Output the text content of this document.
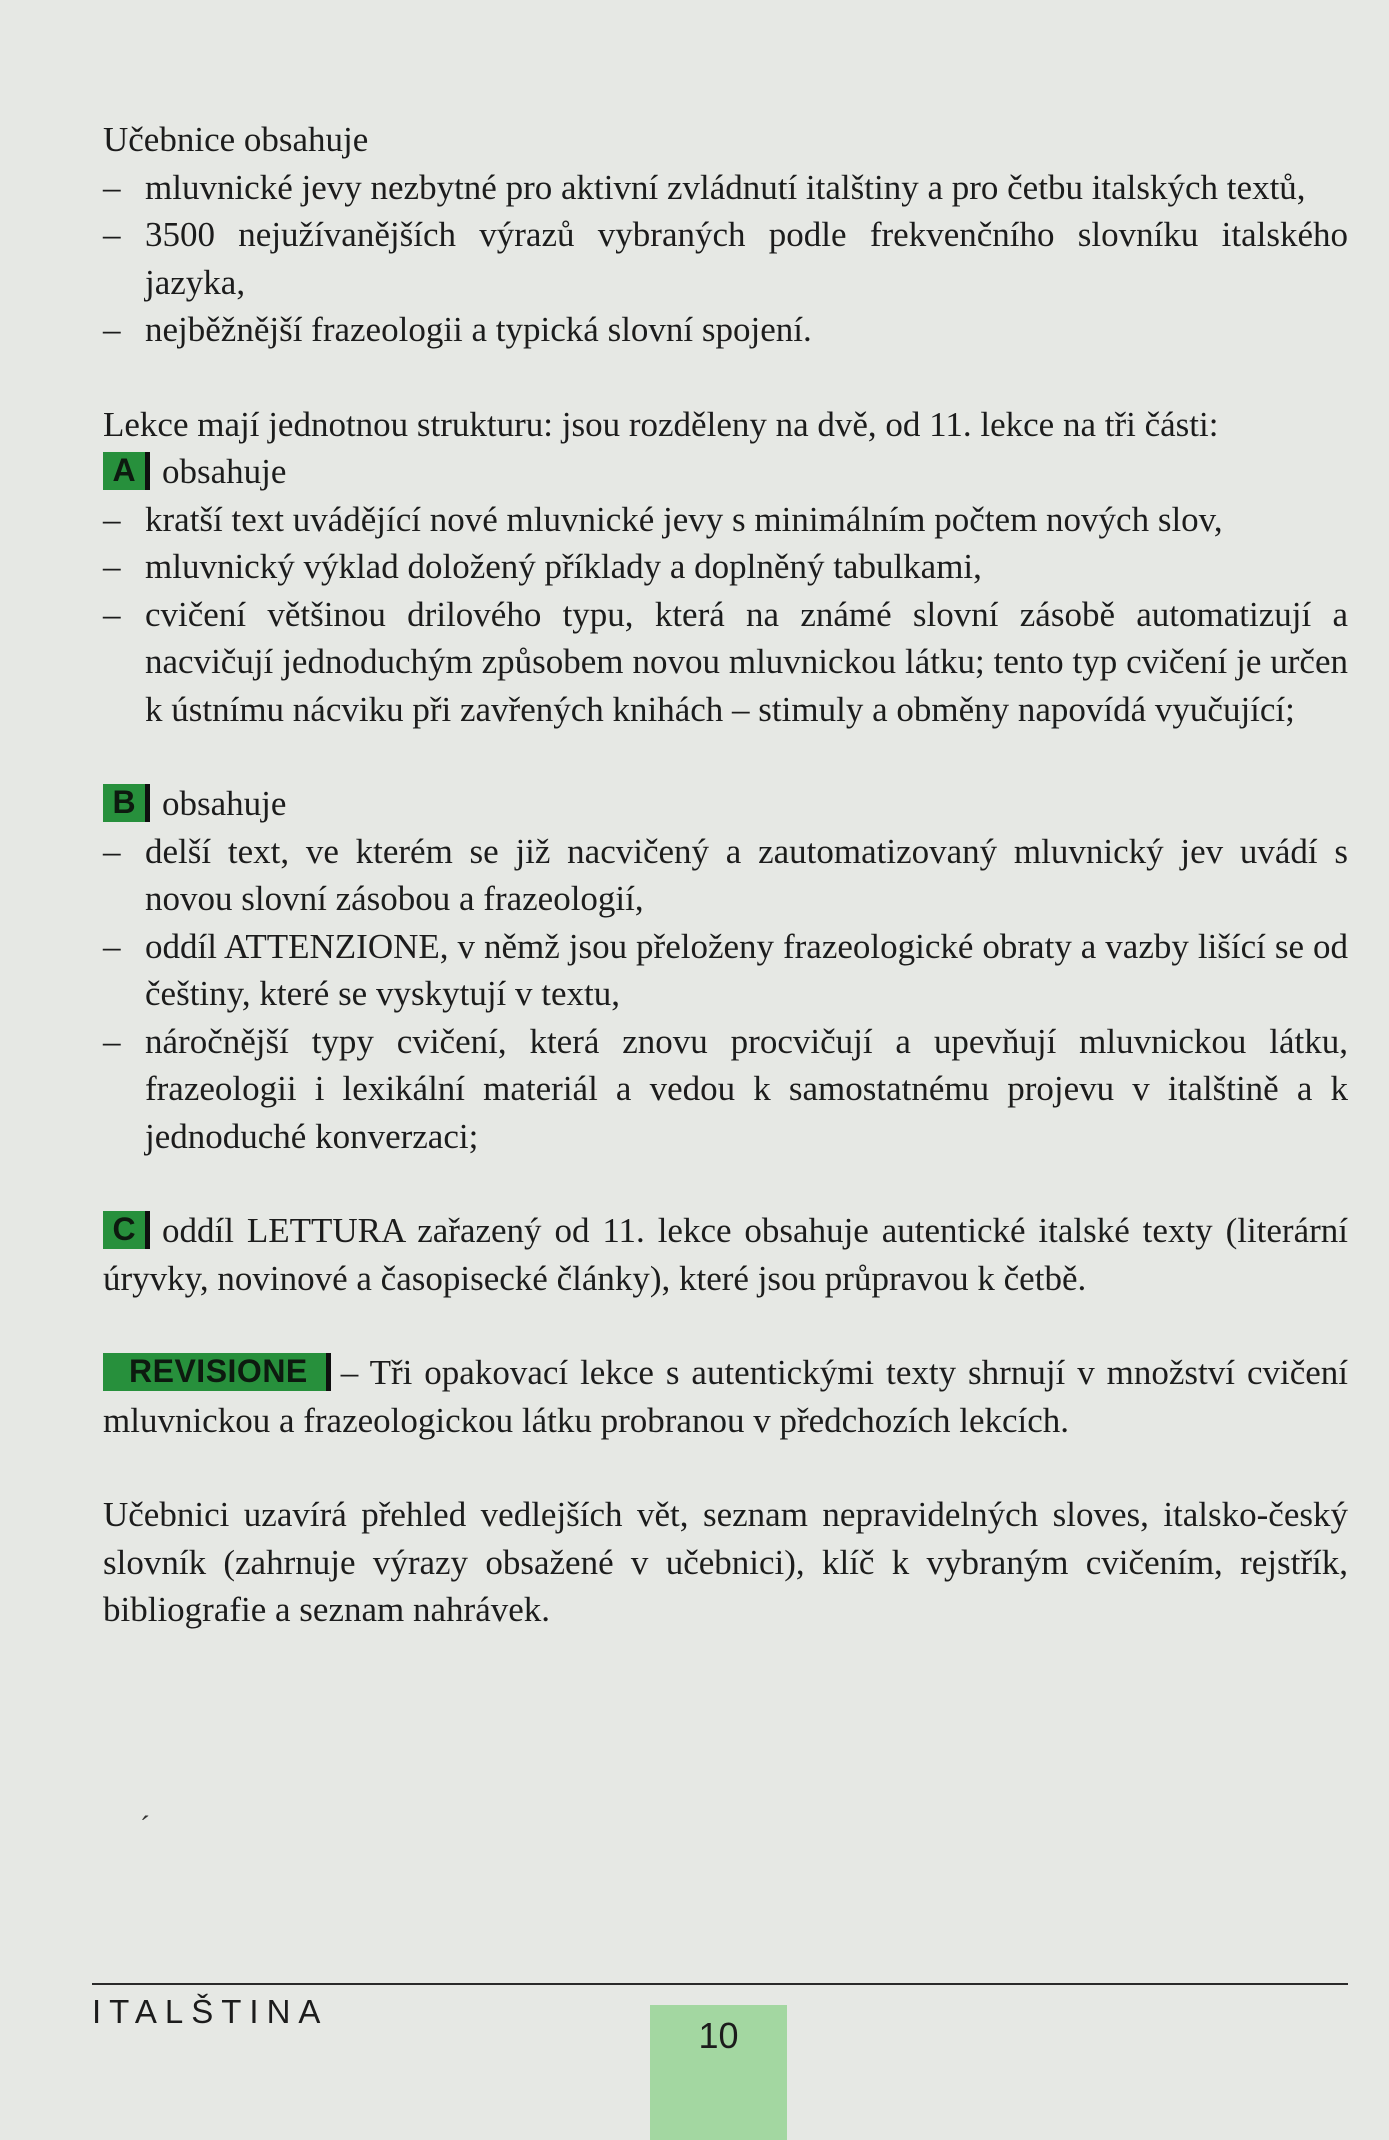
Učebnice obsahuje

– mluvnické jevy nezbytné pro aktivní zvládnutí italštiny a pro četbu italských textů,
– 3500 nejužívanějších výrazů vybraných podle frekvenčního slovníku italského jazyka,
– nejběžnější frazeologii a typická slovní spojení.

Lekce mají jednotnou strukturu: jsou rozděleny na dvě, od 11. lekce na tři části:

A obsahuje

– kratší text uvádějící nové mluvnické jevy s minimálním počtem nových slov,
– mluvnický výklad doložený příklady a doplněný tabulkami,
– cvičení většinou drilového typu, která na známé slovní zásobě automatizují a nacvičují jednoduchým způsobem novou mluvnickou látku; tento typ cvičení je určen k ústnímu nácviku při zavřených knihách – stimuly a obměny napovídá vyučující;

B obsahuje

– delší text, ve kterém se již nacvičený a zautomatizovaný mluvnický jev uvádí s novou slovní zásobou a frazeologií,
– oddíl ATTENZIONE, v němž jsou přeloženy frazeologické obraty a vazby lišící se od češtiny, které se vyskytují v textu,
– náročnější typy cvičení, která znovu procvičují a upevňují mluvnickou látku, frazeologii i lexikální materiál a vedou k samostatnému projevu v italštině a k jednoduché konverzaci;

C oddíl LETTURA zařazený od 11. lekce obsahuje autentické italské texty (literární úryvky, novinové a časopisecké články), které jsou průpravou k četbě.

REVISIONE – Tři opakovací lekce s autentickými texty shrnují v množství cvičení mluvnickou a frazeologickou látku probranou v předchozích lekcích.

Učebnici uzavírá přehled vedlejších vět, seznam nepravidelných sloves, italsko-český slovník (zahrnuje výrazy obsažené v učebnici), klíč k vybraným cvičením, rejstřík, bibliografie a seznam nahrávek.

´
ITALŠTINA
10
